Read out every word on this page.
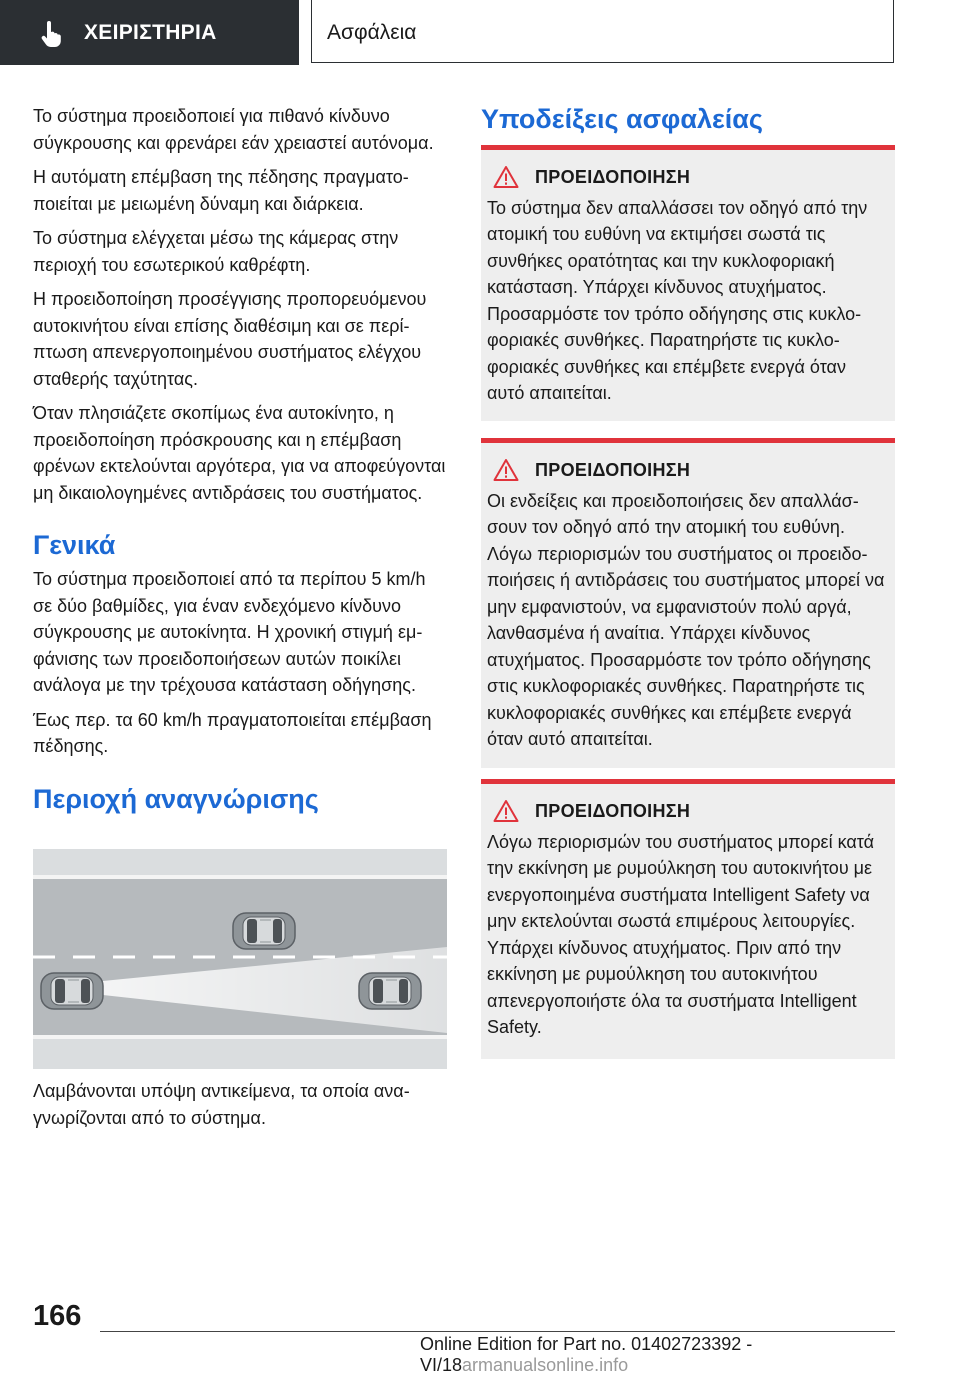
ΧΕΙΡΙΣΤΗΡΙΑ	Ασφάλεια

Το σύστημα προειδοποιεί για πιθανό κίνδυνο σύγκρουσης και φρενάρει εάν χρειαστεί αυτόνομα.

Η αυτόματη επέμβαση της πέδησης πραγματοποιείται με μειωμένη δύναμη και διάρκεια.

Το σύστημα ελέγχεται μέσω της κάμερας στην περιοχή του εσωτερικού καθρέφτη.

Η προειδοποίηση προσέγγισης προπορευόμενου αυτοκινήτου είναι επίσης διαθέσιμη και σε περίπτωση απενεργοποιημένου συστήματος ελέγχου σταθερής ταχύτητας.

Όταν πλησιάζετε σκοπίμως ένα αυτοκίνητο, η προειδοποίηση πρόσκρουσης και η επέμβαση φρένων εκτελούνται αργότερα, για να αποφεύγονται μη δικαιολογημένες αντιδράσεις του συστήματος.

Γενικά

Το σύστημα προειδοποιεί από τα περίπου 5 km/h σε δύο βαθμίδες, για έναν ενδεχόμενο κίνδυνο σύγκρουσης με αυτοκίνητα. Η χρονική στιγμή εμφάνισης των προειδοποιήσεων αυτών ποικίλει ανάλογα με την τρέχουσα κατάσταση οδήγησης.

Έως περ. τα 60 km/h πραγματοποιείται επέμβαση πέδησης.

Περιοχή αναγνώρισης
Λαμβάνονται υπόψη αντικείμενα, τα οποία αναγνωρίζονται από το σύστημα.
Υποδείξεις ασφαλείας
ΠΡΟΕΙΔΟΠΟΙΗΣΗ

Το σύστημα δεν απαλλάσσει τον οδηγό από την ατομική του ευθύνη να εκτιμήσει σωστά τις συνθήκες ορατότητας και την κυκλοφοριακή κατάσταση. Υπάρχει κίνδυνος ατυχήματος. Προσαρμόστε τον τρόπο οδήγησης στις κυκλοφοριακές συνθήκες. Παρατηρήστε τις κυκλοφοριακές συνθήκες και επέμβετε ενεργά όταν αυτό απαιτείται.

ΠΡΟΕΙΔΟΠΟΙΗΣΗ

Οι ενδείξεις και προειδοποιήσεις δεν απαλλάσσουν τον οδηγό από την ατομική του ευθύνη. Λόγω περιορισμών του συστήματος οι προειδοποιήσεις ή αντιδράσεις του συστήματος μπορεί να μην εμφανιστούν, να εμφανιστούν πολύ αργά, λανθασμένα ή αναίτια. Υπάρχει κίνδυνος ατυχήματος. Προσαρμόστε τον τρόπο οδήγησης στις κυκλοφοριακές συνθήκες. Παρατηρήστε τις κυκλοφοριακές συνθήκες και επέμβετε ενεργά όταν αυτό απαιτείται.

ΠΡΟΕΙΔΟΠΟΙΗΣΗ

Λόγω περιορισμών του συστήματος μπορεί κατά την εκκίνηση με ρυμούλκηση του αυτοκινήτου με ενεργοποιημένα συστήματα Intelligent Safety να μην εκτελούνται σωστά επιμέρους λειτουργίες. Υπάρχει κίνδυνος ατυχήματος. Πριν από την εκκίνηση με ρυμούλκηση του αυτοκινήτου απενεργοποιήστε όλα τα συστήματα Intelligent Safety.

166
Online Edition for Part no. 01402723392 - VI/18armanualsonline.info
